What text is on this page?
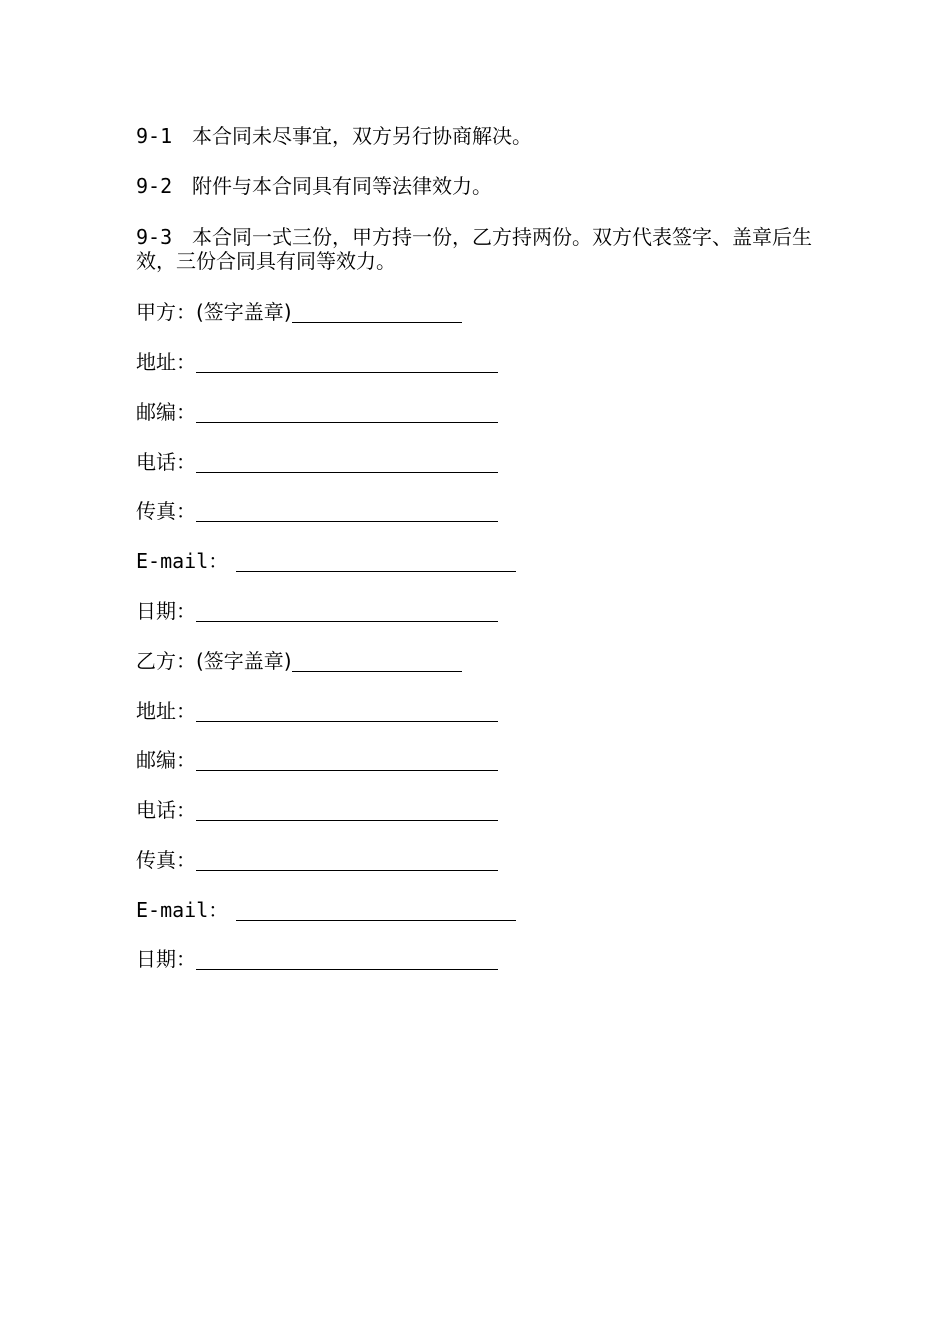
9-1 本合同未尽事宜，双方另行协商解决。

9-2 附件与本合同具有同等法律效力。

9-3 本合同一式三份，甲方持一份，乙方持两份。双方代表签字、盖章后生效，三份合同具有同等效力。

甲方：(签字盖章)
地址：
邮编：
电话：
传真：
E-mail：
日期：
乙方：(签字盖章)
地址：
邮编：
电话：
传真：
E-mail：
日期：
